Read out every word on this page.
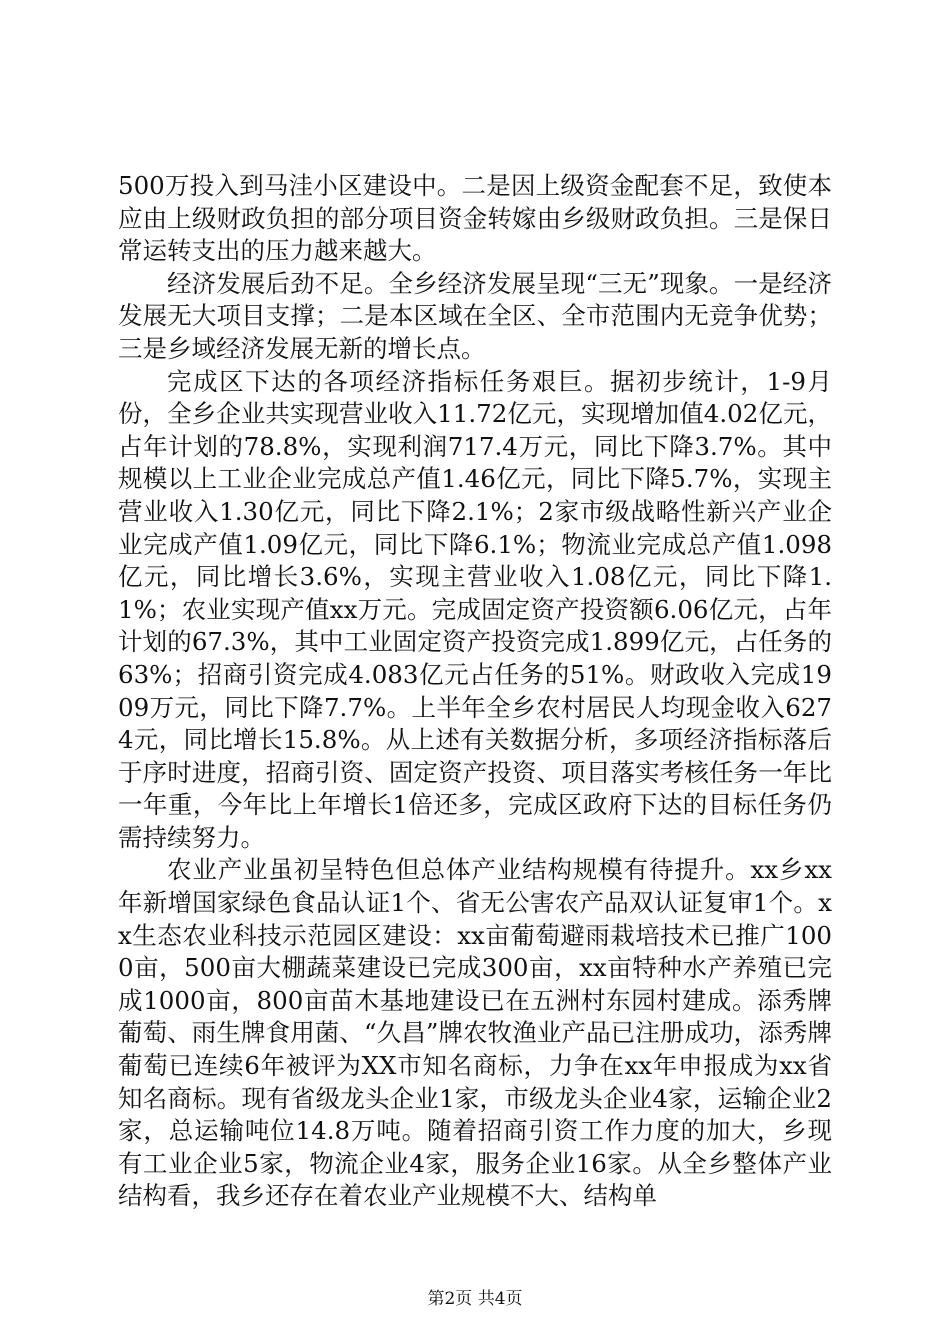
500万投入到马洼小区建设中。二是因上级资金配套不足，致使本应由上级财政负担的部分项目资金转嫁由乡级财政负担。三是保日常运转支出的压力越来越大。

经济发展后劲不足。全乡经济发展呈现“三无”现象。一是经济发展无大项目支撑；二是本区域在全区、全市范围内无竞争优势；三是乡域经济发展无新的增长点。

完成区下达的各项经济指标任务艰巨。据初步统计，1-9月份，全乡企业共实现营业收入11.72亿元，实现增加值4.02亿元，占年计划的78.8%，实现利润717.4万元，同比下降3.7%。其中规模以上工业企业完成总产值1.46亿元，同比下降5.7%，实现主营业收入1.30亿元，同比下降2.1%；2家市级战略性新兴产业企业完成产值1.09亿元，同比下降6.1%；物流业完成总产值1.098亿元，同比增长3.6%，实现主营业收入1.08亿元，同比下降1.1%；农业实现产值xx万元。完成固定资产投资额6.06亿元，占年计划的67.3%，其中工业固定资产投资完成1.899亿元，占任务的63%；招商引资完成4.083亿元占任务的51%。财政收入完成1909万元，同比下降7.7%。上半年全乡农村居民人均现金收入6274元，同比增长15.8%。从上述有关数据分析，多项经济指标落后于序时进度，招商引资、固定资产投资、项目落实考核任务一年比一年重，今年比上年增长1倍还多，完成区政府下达的目标任务仍需持续努力。

农业产业虽初呈特色但总体产业结构规模有待提升。xx乡xx年新增国家绿色食品认证1个、省无公害农产品双认证复审1个。xx生态农业科技示范园区建设：xx亩葡萄避雨栽培技术已推广1000亩，500亩大棚蔬菜建设已完成300亩，xx亩特种水产养殖已完成1000亩，800亩苗木基地建设已在五洲村东园村建成。添秀牌葡萄、雨生牌食用菌、“久昌”牌农牧渔业产品已注册成功，添秀牌葡萄已连续6年被评为XX市知名商标，力争在xx年申报成为xx省知名商标。现有省级龙头企业1家，市级龙头企业4家，运输企业2家，总运输吨位14.8万吨。随着招商引资工作力度的加大，乡现有工业企业5家，物流企业4家，服务企业16家。从全乡整体产业结构看，我乡还存在着农业产业规模不大、结构单

第2页 共4页
